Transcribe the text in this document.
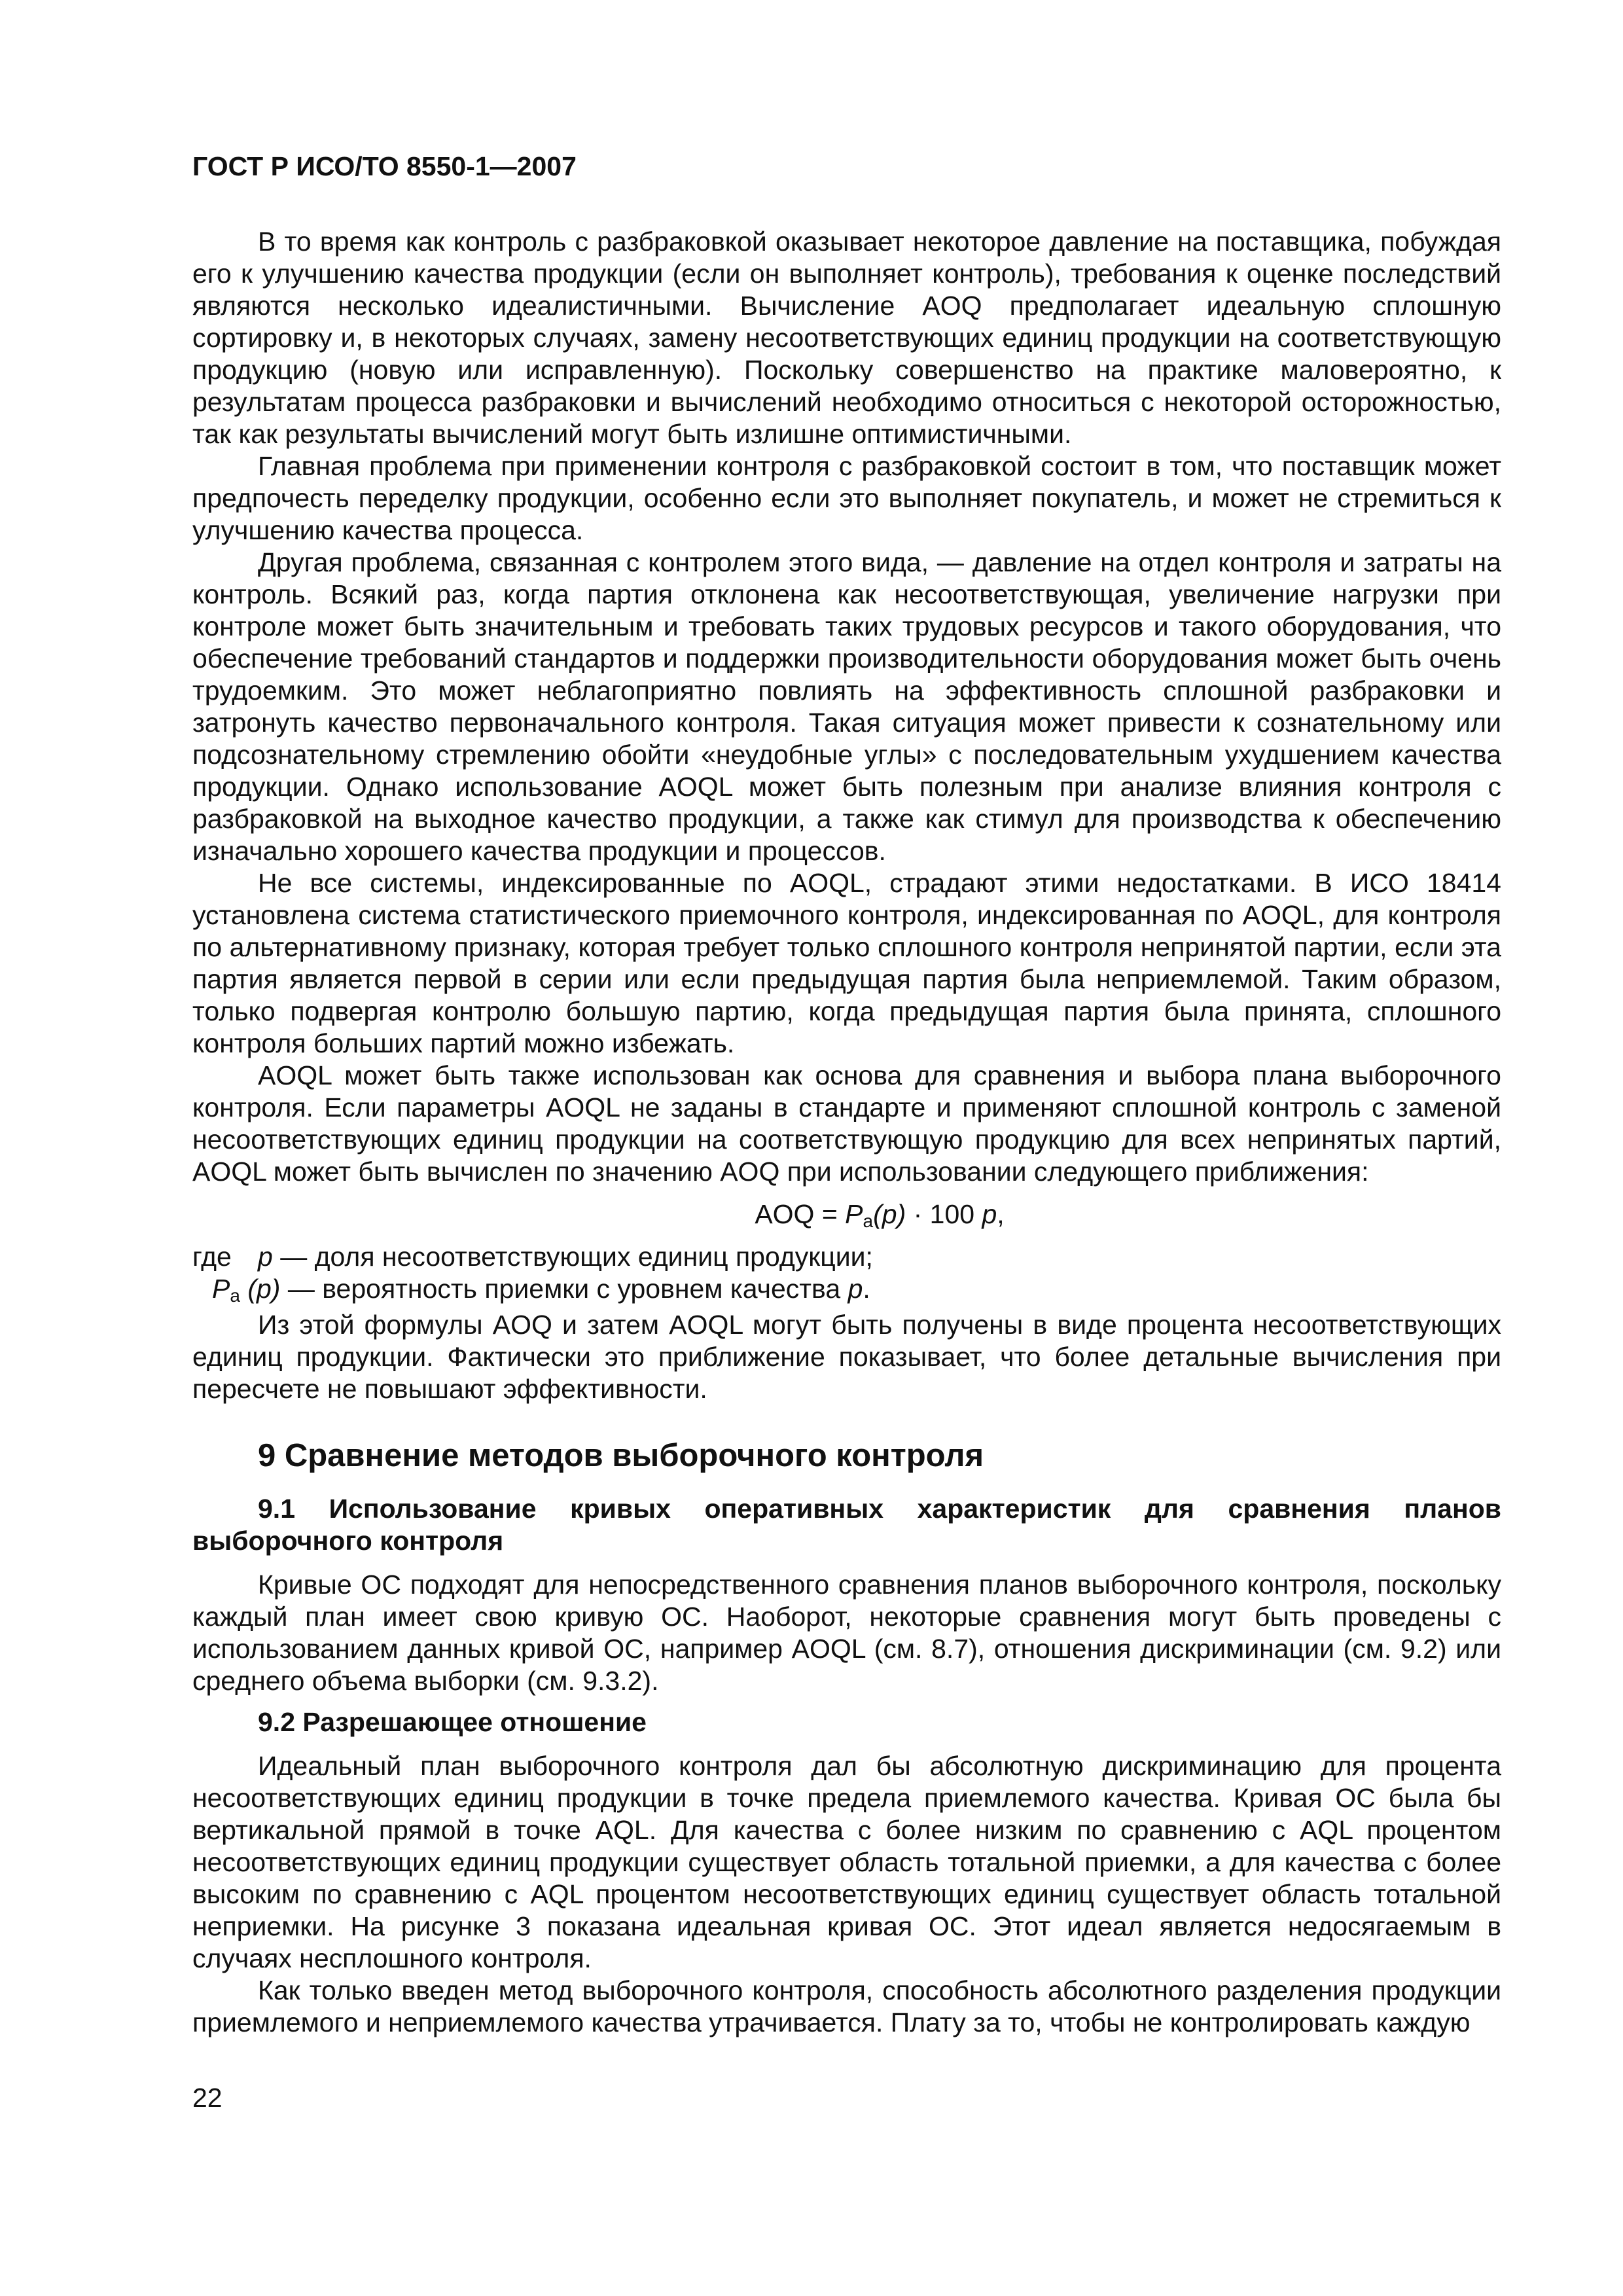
ГОСТ Р ИСО/ТО 8550-1—2007

В то время как контроль с разбраковкой оказывает некоторое давление на поставщика, побуждая его к улучшению качества продукции (если он выполняет контроль), требования к оценке последствий являются несколько идеалистичными. Вычисление AOQ предполагает идеальную сплошную сортировку и, в некоторых случаях, замену несоответствующих единиц продукции на соответствующую продукцию (новую или исправленную). Поскольку совершенство на практике маловероятно, к результатам процесса разбраковки и вычислений необходимо относиться с некоторой осторожностью, так как результаты вычислений могут быть излишне оптимистичными.

Главная проблема при применении контроля с разбраковкой состоит в том, что поставщик может предпочесть переделку продукции, особенно если это выполняет покупатель, и может не стремиться к улучшению качества процесса.

Другая проблема, связанная с контролем этого вида, — давление на отдел контроля и затраты на контроль. Всякий раз, когда партия отклонена как несоответствующая, увеличение нагрузки при контроле может быть значительным и требовать таких трудовых ресурсов и такого оборудования, что обеспечение требований стандартов и поддержки производительности оборудования может быть очень трудоемким. Это может неблагоприятно повлиять на эффективность сплошной разбраковки и затронуть качество первоначального контроля. Такая ситуация может привести к сознательному или подсознательному стремлению обойти «неудобные углы» с последовательным ухудшением качества продукции. Однако использование AOQL может быть полезным при анализе влияния контроля с разбраковкой на выходное качество продукции, а также как стимул для производства к обеспечению изначально хорошего качества продукции и процессов.

Не все системы, индексированные по AOQL, страдают этими недостатками. В ИСО 18414 установлена система статистического приемочного контроля, индексированная по AOQL, для контроля по альтернативному признаку, которая требует только сплошного контроля непринятой партии, если эта партия является первой в серии или если предыдущая партия была неприемлемой. Таким образом, только подвергая контролю большую партию, когда предыдущая партия была принята, сплошного контроля больших партий можно избежать.

AOQL может быть также использован как основа для сравнения и выбора плана выборочного контроля. Если параметры AOQL не заданы в стандарте и применяют сплошной контроль с заменой несоответствующих единиц продукции на соответствующую продукцию для всех непринятых партий, AOQL может быть вычислен по значению AOQ при использовании следующего приближения:

AOQ = $P_a(p) \cdot 100$ p,
где p — доля несоответствующих единиц продукции;
$P_a$ (p) — вероятность приемки с уровнем качества p.

Из этой формулы AOQ и затем AOQL могут быть получены в виде процента несоответствующих единиц продукции. Фактически это приближение показывает, что более детальные вычисления при пересчете не повышают эффективности.

9 Сравнение методов выборочного контроля
9.1 Использование кривых оперативных характеристик для сравнения планов выборочного контроля

Кривые ОС подходят для непосредственного сравнения планов выборочного контроля, поскольку каждый план имеет свою кривую ОС. Наоборот, некоторые сравнения могут быть проведены с использованием данных кривой ОС, например AOQL (см. 8.7), отношения дискриминации (см. 9.2) или среднего объема выборки (см. 9.3.2).

9.2 Разрешающее отношение

Идеальный план выборочного контроля дал бы абсолютную дискриминацию для процента несоответствующих единиц продукции в точке предела приемлемого качества. Кривая ОС была бы вертикальной прямой в точке AQL. Для качества с более низким по сравнению с AQL процентом несоответствующих единиц продукции существует область тотальной приемки, а для качества с более высоким по сравнению с AQL процентом несоответствующих единиц существует область тотальной неприемки. На рисунке 3 показана идеальная кривая ОС. Этот идеал является недосягаемым в случаях несплошного контроля.

Как только введен метод выборочного контроля, способность абсолютного разделения продукции приемлемого и неприемлемого качества утрачивается. Плату за то, чтобы не контролировать каждую

22
